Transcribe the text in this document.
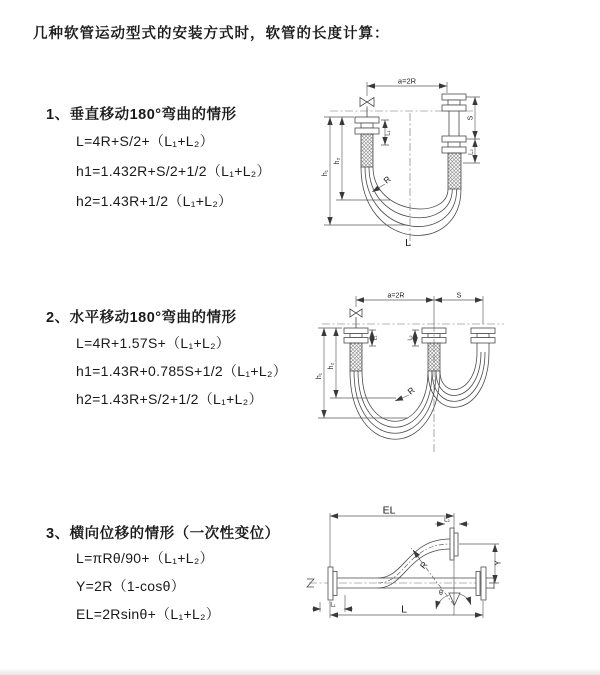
几种软管运动型式的安装方式时，软管的长度计算：
1、垂直移动180°弯曲的情形
L=4R+S/2+（L₁+L₂）
h1=1.432R+S/2+1/2（L₁+L₂）
h2=1.43R+1/2（L₁+L₂）
2、水平移动180°弯曲的情形
L=4R+1.57S+（L₁+L₂）
h1=1.43R+0.785S+1/2（L₁+L₂）
h2=1.43R+S/2+1/2（L₁+L₂）
3、横向位移的情形（一次性变位）
L=πRθ/90+（L₁+L₂）
Y=2R（1-cosθ）
EL=2Rsinθ+（L₁+L₂）
a=2R
h₁
h₂
L₁
S
L₂
R
L
a=2R	S
h₁
h₂
L₁	L₂
R
EL
L₂
Y
θ
R
L
L₁
